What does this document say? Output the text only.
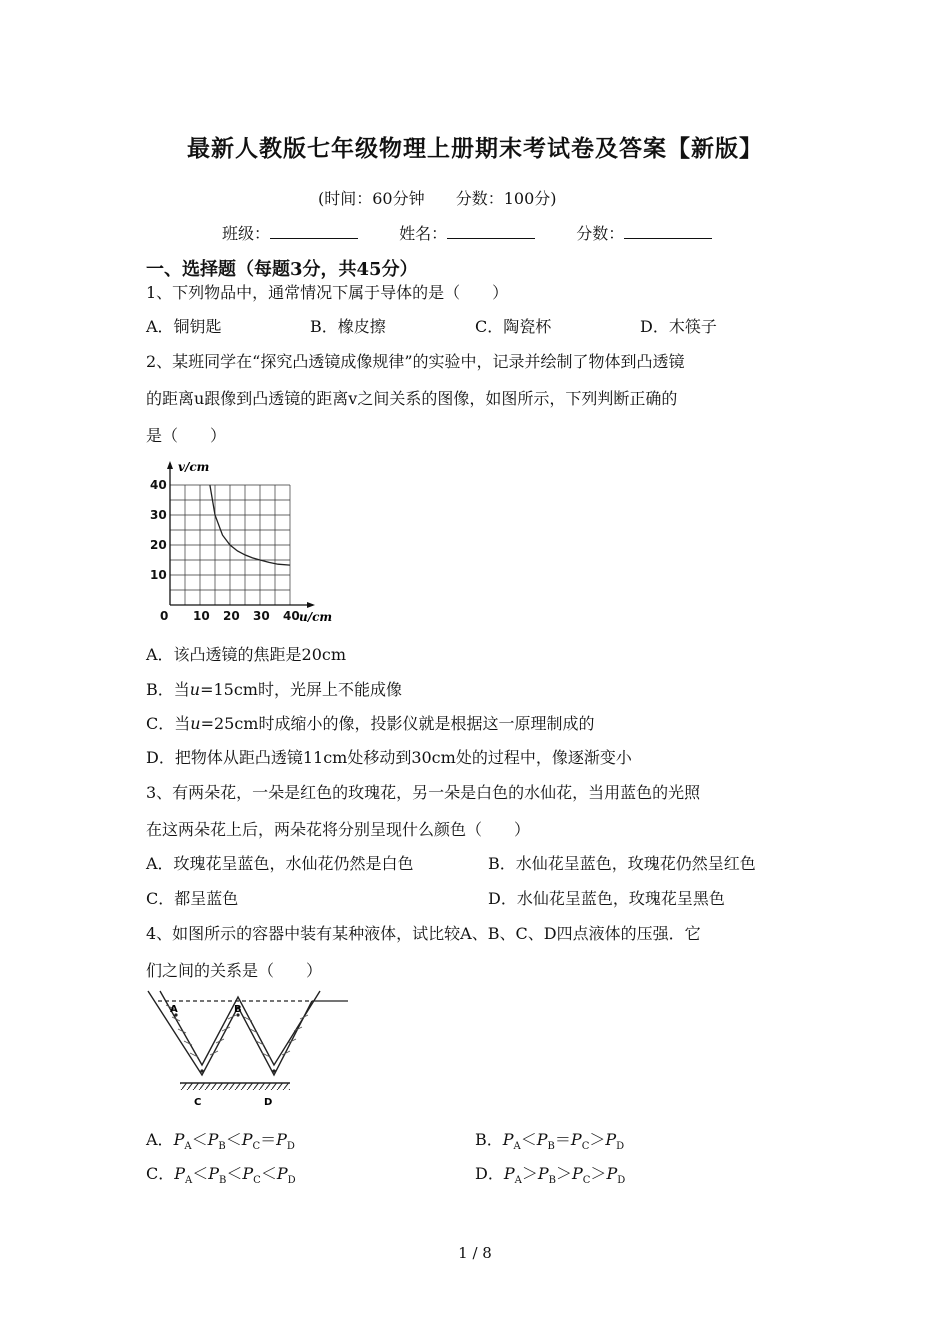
最新人教版七年级物理上册期末考试卷及答案【新版】
(时间：60分钟 分数：100分)
班级：	姓名：	分数：
一、选择题（每题3分，共45分）
1、下列物品中，通常情况下属于导体的是（　　）
A．铜钥匙	B．橡皮擦	C．陶瓷杯	D．木筷子
2、某班同学在“探究凸透镜成像规律”的实验中，记录并绘制了物体到凸透镜
的距离u跟像到凸透镜的距离v之间关系的图像，如图所示，下列判断正确的
是（　　）
0 10 20 30 40
10
20
30
40
v/cm
u/cm
A．该凸透镜的焦距是20cm
B．当u=15cm时，光屏上不能成像
C．当u=25cm时成缩小的像，投影仪就是根据这一原理制成的
D．把物体从距凸透镜11cm处移动到30cm处的过程中，像逐渐变小
3、有两朵花，一朵是红色的玫瑰花，另一朵是白色的水仙花，当用蓝色的光照
在这两朵花上后，两朵花将分别呈现什么颜色（　　）
A．玫瑰花呈蓝色，水仙花仍然是白色	B．水仙花呈蓝色，玫瑰花仍然呈红色
C．都呈蓝色	D．水仙花呈蓝色，玫瑰花呈黑色
4、如图所示的容器中装有某种液体，试比较A、B、C、D四点液体的压强．它
们之间的关系是（　　）
A	B
C	D
A．$P_A<P_B<P_C=P_D$	B．$P_A<P_B=P_C>P_D$
C．$P_A<P_B<P_C<P_D$	D．$P_A>P_B>P_C>P_D$
1 / 8
